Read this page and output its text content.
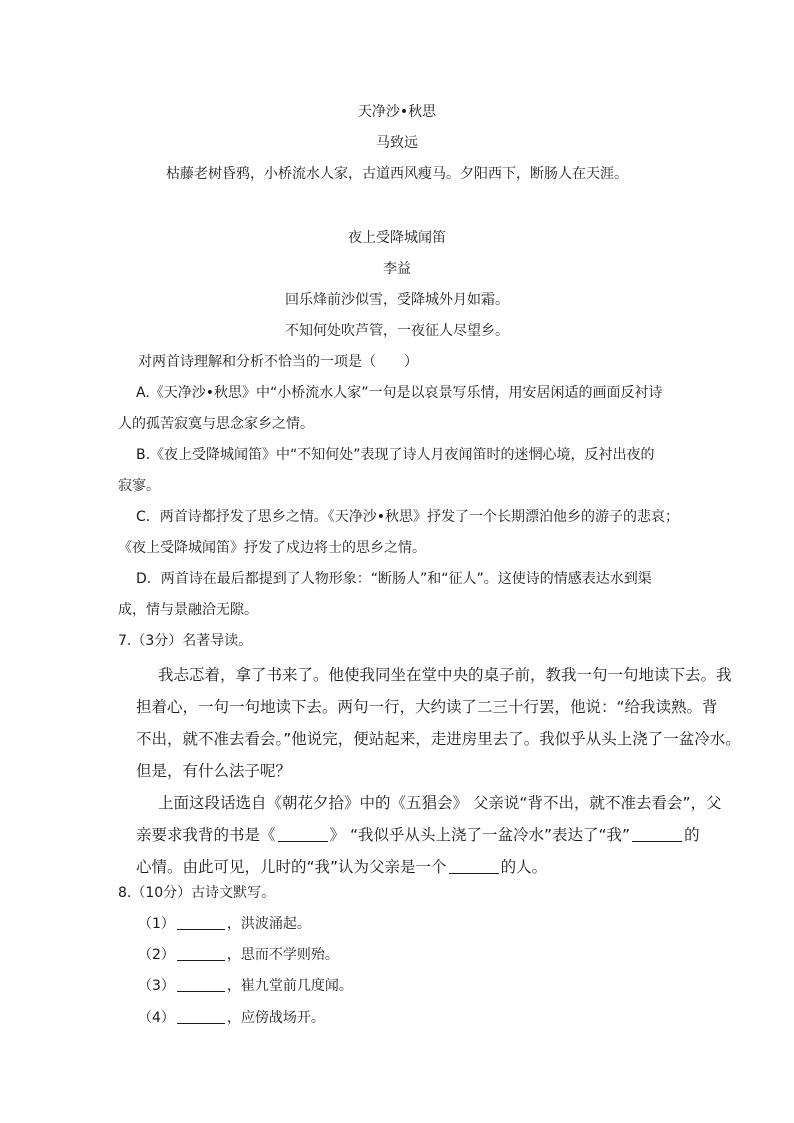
天净沙•秋思
马致远
枯藤老树昏鸦，小桥流水人家，古道西风瘦马。夕阳西下，断肠人在天涯。
夜上受降城闻笛
李益
回乐烽前沙似雪，受降城外月如霜。
不知何处吹芦管，一夜征人尽望乡。
对两首诗理解和分析不恰当的一项是（　　）
A.《天净沙•秋思》中“小桥流水人家”一句是以哀景写乐情，用安居闲适的画面反衬诗
人的孤苦寂寞与思念家乡之情。
B.《夜上受降城闻笛》中“不知何处”表现了诗人月夜闻笛时的迷惘心境，反衬出夜的
寂寥。
C．两首诗都抒发了思乡之情。《天净沙•秋思》抒发了一个长期漂泊他乡的游子的悲哀；
《夜上受降城闻笛》抒发了戍边将士的思乡之情。
D．两首诗在最后都提到了人物形象：“断肠人”和“征人”。这使诗的情感表达水到渠
成，情与景融洽无隙。
7.（3分）名著导读。
我忐忑着，拿了书来了。他使我同坐在堂中央的桌子前，教我一句一句地读下去。我
担着心，一句一句地读下去。两句一行，大约读了二三十行罢，他说：“给我读熟。背
不出，就不准去看会。”他说完，便站起来，走进房里去了。我似乎从头上浇了一盆冷水。
但是，有什么法子呢？
上面这段话选自《朝花夕拾》中的《五猖会》 父亲说“背不出，就不准去看会”，父
亲要求我背的书是《	》 “我似乎从头上浇了一盆冷水”表达了“我”	的
心情。由此可见，儿时的“我”认为父亲是一个	的人。
8.（10分）古诗文默写。
（1）	，洪波涌起。
（2）	，思而不学则殆。
（3）	，崔九堂前几度闻。
（4）	，应傍战场开。
